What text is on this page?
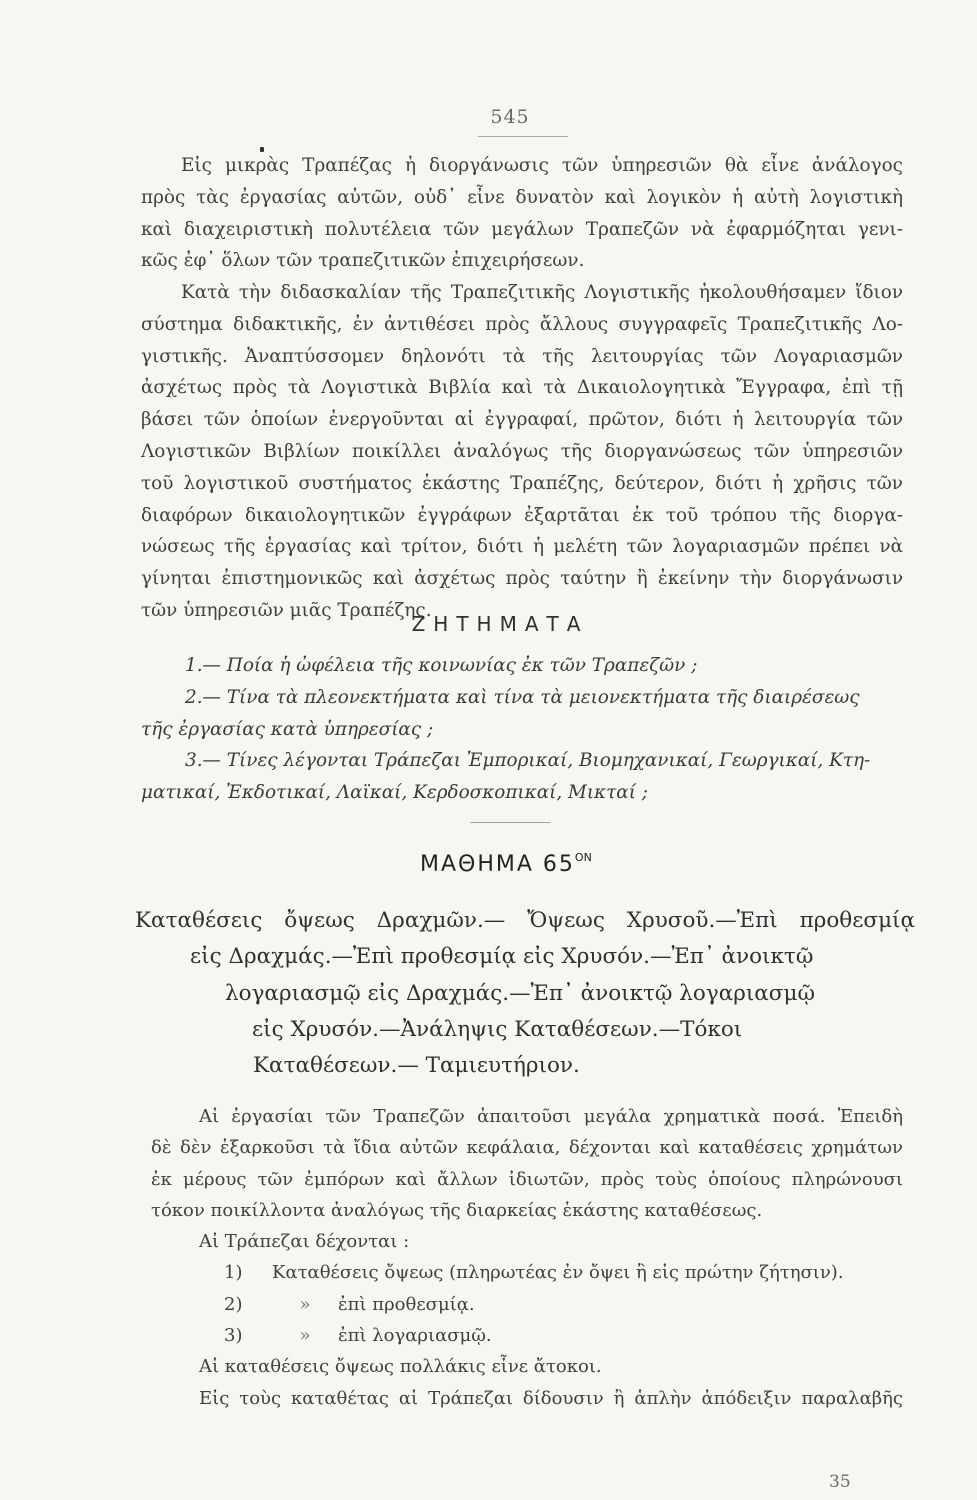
545

Εἰς μικρὰς Τραπέζας ἡ διοργάνωσις τῶν ὑπηρεσιῶν θὰ εἶνε ἀνάλογος

πρὸς τὰς ἐργασίας αὐτῶν, οὐδ᾽ εἶνε δυνατὸν καὶ λογικὸν ἡ αὐτὴ λογιστικὴ

καὶ διαχειριστικὴ πολυτέλεια τῶν μεγάλων Τραπεζῶν νὰ ἐφαρμόζηται γενι-

κῶς ἐφ᾽ ὅλων τῶν τραπεζιτικῶν ἐπιχειρήσεων.

Κατὰ τὴν διδασκαλίαν τῆς Τραπεζιτικῆς Λογιστικῆς ἠκολουθήσαμεν ἴδιον

σύστημα διδακτικῆς, ἐν ἀντιθέσει πρὸς ἄλλους συγγραφεῖς Τραπεζιτικῆς Λο-

γιστικῆς. Ἀναπτύσσομεν δηλονότι τὰ τῆς λειτουργίας τῶν Λογαριασμῶν

ἀσχέτως πρὸς τὰ Λογιστικὰ Βιβλία καὶ τὰ Δικαιολογητικὰ Ἔγγραφα, ἐπὶ τῇ

βάσει τῶν ὁποίων ἐνεργοῦνται αἱ ἐγγραφαί, πρῶτον, διότι ἡ λειτουργία τῶν

Λογιστικῶν Βιβλίων ποικίλλει ἀναλόγως τῆς διοργανώσεως τῶν ὑπηρεσιῶν

τοῦ λογιστικοῦ συστήματος ἑκάστης Τραπέζης, δεύτερον, διότι ἡ χρῆσις τῶν

διαφόρων δικαιολογητικῶν ἐγγράφων ἐξαρτᾶται ἐκ τοῦ τρόπου τῆς διοργα-

νώσεως τῆς ἐργασίας καὶ τρίτον, διότι ἡ μελέτη τῶν λογαριασμῶν πρέπει νὰ

γίνηται ἐπιστημονικῶς καὶ ἀσχέτως πρὸς ταύτην ἢ ἐκείνην τὴν διοργάνωσιν

τῶν ὑπηρεσιῶν μιᾶς Τραπέζης.

ΖΗΤΗΜΑΤΑ

1.— Ποία ἡ ὠφέλεια τῆς κοινωνίας ἐκ τῶν Τραπεζῶν ;

2.— Τίνα τὰ πλεονεκτήματα καὶ τίνα τὰ μειονεκτήματα τῆς διαιρέσεως

τῆς ἐργασίας κατὰ ὑπηρεσίας ;

3.— Τίνες λέγονται Τράπεζαι Ἐμπορικαί, Βιομηχανικαί, Γεωργικαί, Κτη-

ματικαί, Ἐκδοτικαί, Λαϊκαί, Κερδοσκοπικαί, Μικταί ;

ΜΑΘΗΜΑ $65^{ON}$

Καταθέσεις ὄψεως Δραχμῶν.— Ὄψεως Χρυσοῦ.—Ἐπὶ προθεσμίᾳ

εἰς Δραχμάς.—Ἐπὶ προθεσμίᾳ εἰς Χρυσόν.—Ἐπ᾽ ἀνοικτῷ

λογαριασμῷ εἰς Δραχμάς.—Ἐπ᾽ ἀνοικτῷ λογαριασμῷ

εἰς Χρυσόν.—Ἀνάληψις Καταθέσεων.—Τόκοι

Καταθέσεων.— Ταμιευτήριον.

Αἱ ἐργασίαι τῶν Τραπεζῶν ἀπαιτοῦσι μεγάλα χρηματικὰ ποσά. Ἐπειδὴ

δὲ δὲν ἐξαρκοῦσι τὰ ἴδια αὐτῶν κεφάλαια, δέχονται καὶ καταθέσεις χρημάτων

ἐκ μέρους τῶν ἐμπόρων καὶ ἄλλων ἰδιωτῶν, πρὸς τοὺς ὁποίους πληρώνουσι

τόκον ποικίλλοντα ἀναλόγως τῆς διαρκείας ἑκάστης καταθέσεως.

Αἱ Τράπεζαι δέχονται :

1) Καταθέσεις ὄψεως (πληρωτέας ἐν ὄψει ἢ εἰς πρώτην ζήτησιν).

2)	» ἐπὶ προθεσμίᾳ.

3)	» ἐπὶ λογαριασμῷ.

Αἱ καταθέσεις ὄψεως πολλάκις εἶνε ἄτοκοι.

Εἰς τοὺς καταθέτας αἱ Τράπεζαι δίδουσιν ἢ ἁπλὴν ἀπόδειξιν παραλαβῆς

35
